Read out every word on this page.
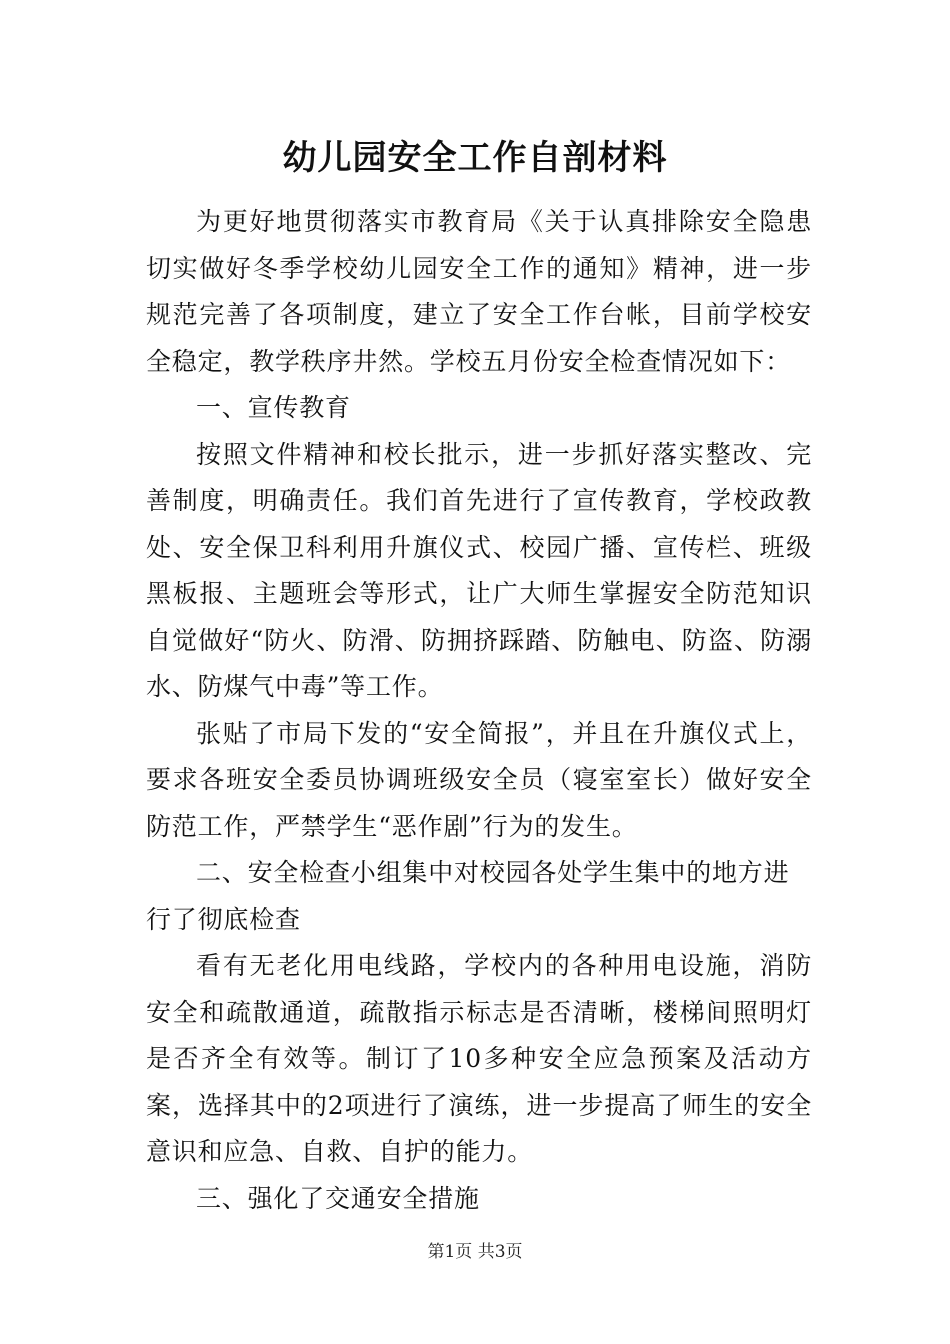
幼儿园安全工作自剖材料

为更好地贯彻落实市教育局《关于认真排除安全隐患切实做好冬季学校幼儿园安全工作的通知》精神，进一步规范完善了各项制度，建立了安全工作台帐，目前学校安全稳定，教学秩序井然。学校五月份安全检查情况如下：

一、宣传教育

按照文件精神和校长批示，进一步抓好落实整改、完善制度，明确责任。我们首先进行了宣传教育，学校政教处、安全保卫科利用升旗仪式、校园广播、宣传栏、班级黑板报、主题班会等形式，让广大师生掌握安全防范知识自觉做好“防火、防滑、防拥挤踩踏、防触电、防盗、防溺水、防煤气中毒”等工作。

张贴了市局下发的“安全简报”，并且在升旗仪式上，要求各班安全委员协调班级安全员（寝室室长）做好安全防范工作，严禁学生“恶作剧”行为的发生。

二、安全检查小组集中对校园各处学生集中的地方进行了彻底检查

看有无老化用电线路，学校内的各种用电设施，消防安全和疏散通道，疏散指示标志是否清晰，楼梯间照明灯是否齐全有效等。制订了10多种安全应急预案及活动方案，选择其中的2项进行了演练，进一步提高了师生的安全意识和应急、自救、自护的能力。

三、强化了交通安全措施

第1页 共3页
